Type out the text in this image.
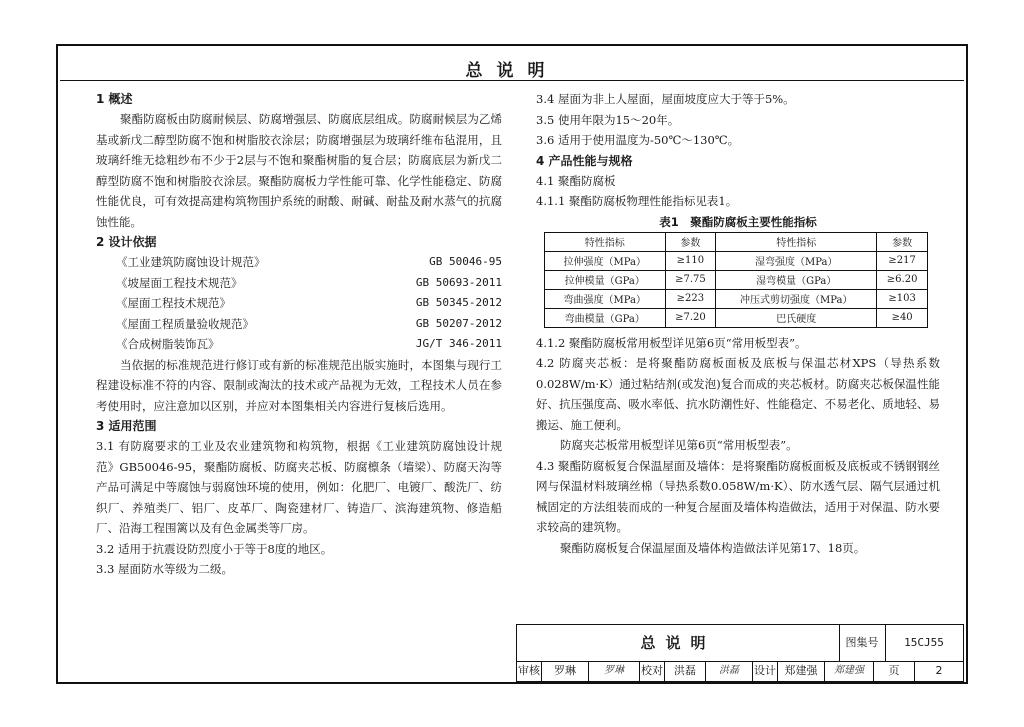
总说明
1 概述
聚酯防腐板由防腐耐候层、防腐增强层、防腐底层组成。防腐耐候层为乙烯基或新戊二醇型防腐不饱和树脂胶衣涂层；防腐增强层为玻璃纤维布毡混用，且玻璃纤维无捻粗纱布不少于2层与不饱和聚酯树脂的复合层；防腐底层为新戊二醇型防腐不饱和树脂胶衣涂层。聚酯防腐板力学性能可靠、化学性能稳定、防腐性能优良，可有效提高建构筑物围护系统的耐酸、耐碱、耐盐及耐水蒸气的抗腐蚀性能。
2 设计依据
《工业建筑防腐蚀设计规范》	GB 50046-95
《坡屋面工程技术规范》	GB 50693-2011
《屋面工程技术规范》	GB 50345-2012
《屋面工程质量验收规范》	GB 50207-2012
《合成树脂装饰瓦》	JG/T 346-2011
当依据的标准规范进行修订或有新的标准规范出版实施时，本图集与现行工程建设标准不符的内容、限制或淘汰的技术或产品视为无效，工程技术人员在参考使用时，应注意加以区别，并应对本图集相关内容进行复核后选用。
3 适用范围
3.1 有防腐要求的工业及农业建筑物和构筑物，根据《工业建筑防腐蚀设计规范》GB50046-95，聚酯防腐板、防腐夹芯板、防腐檩条（墙梁）、防腐天沟等产品可满足中等腐蚀与弱腐蚀环境的使用，例如：化肥厂、电镀厂、酸洗厂、纺织厂、养殖类厂、铝厂、皮革厂、陶瓷建材厂、铸造厂、滨海建筑物、修造船厂、沿海工程围篱以及有色金属类等厂房。
3.2 适用于抗震设防烈度小于等于8度的地区。
3.3 屋面防水等级为二级。
3.4 屋面为非上人屋面，屋面坡度应大于等于5%。
3.5 使用年限为15～20年。
3.6 适用于使用温度为-50℃～130℃。
4 产品性能与规格
4.1 聚酯防腐板
4.1.1 聚酯防腐板物理性能指标见表1。
表1　聚酯防腐板主要性能指标
特性指标	参数	特性指标	参数
拉伸强度（MPa）	≥110	湿弯强度（MPa）	≥217
拉伸模量（GPa）	≥7.75	湿弯模量（GPa）	≥6.20
弯曲强度（MPa）	≥223	冲压式剪切强度（MPa）	≥103
弯曲模量（GPa）	≥7.20	巴氏硬度	≥40
4.1.2 聚酯防腐板常用板型详见第6页“常用板型表”。
4.2 防腐夹芯板：是将聚酯防腐板面板及底板与保温芯材XPS（导热系数0.028W/m·K）通过粘结剂(或发泡)复合而成的夹芯板材。防腐夹芯板保温性能好、抗压强度高、吸水率低、抗水防潮性好、性能稳定、不易老化、质地轻、易搬运、施工便利。
防腐夹芯板常用板型详见第6页“常用板型表”。
4.3 聚酯防腐板复合保温屋面及墙体：是将聚酯防腐板面板及底板或不锈钢钢丝网与保温材料玻璃丝棉（导热系数0.058W/m·K）、防水透气层、隔气层通过机械固定的方法组装而成的一种复合屋面及墙体构造做法，适用于对保温、防水要求较高的建筑物。
聚酯防腐板复合保温屋面及墙体构造做法详见第17、18页。
总说明	图集号	15CJ55
审核	罗琳	罗琳	校对	洪磊	洪磊	设计 郑建强	郑建强	页	2
